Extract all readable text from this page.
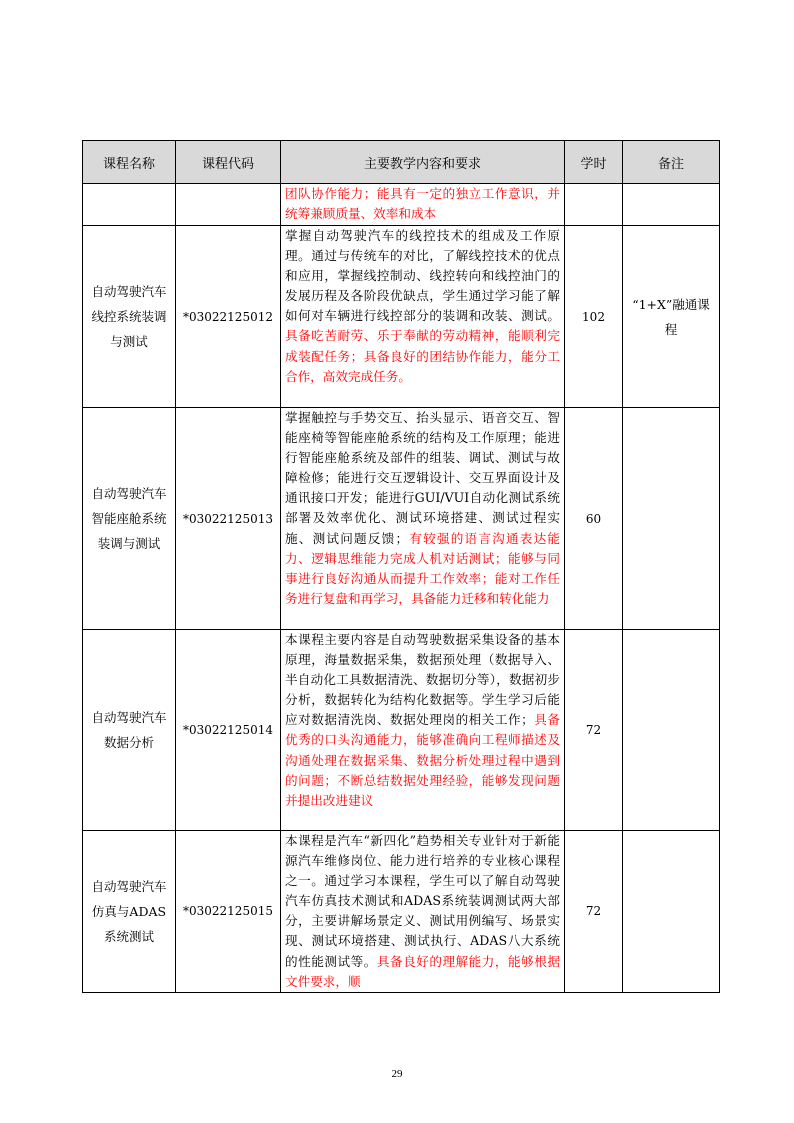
课程名称	课程代码	主要教学内容和要求	学时	备注
		团队协作能力；能具有一定的独立工作意识，并统筹兼顾质量、效率和成本		
自动驾驶汽车线控系统装调与测试	*03022125012	掌握自动驾驶汽车的线控技术的组成及工作原理。通过与传统车的对比，了解线控技术的优点和应用，掌握线控制动、线控转向和线控油门的发展历程及各阶段优缺点，学生通过学习能了解如何对车辆进行线控部分的装调和改装、测试。具备吃苦耐劳、乐于奉献的劳动精神，能顺利完成装配任务；具备良好的团结协作能力，能分工合作，高效完成任务。	102	“1+X”融通课程
自动驾驶汽车智能座舱系统装调与测试	*03022125013	掌握触控与手势交互、抬头显示、语音交互、智能座椅等智能座舱系统的结构及工作原理；能进行智能座舱系统及部件的组装、调试、测试与故障检修；能进行交互逻辑设计、交互界面设计及通讯接口开发；能进行GUI/VUI自动化测试系统部署及效率优化、测试环境搭建、测试过程实施、测试问题反馈；有较强的语言沟通表达能力、逻辑思维能力完成人机对话测试；能够与同事进行良好沟通从而提升工作效率；能对工作任务进行复盘和再学习，具备能力迁移和转化能力	60	
自动驾驶汽车数据分析	*03022125014	本课程主要内容是自动驾驶数据采集设备的基本原理，海量数据采集，数据预处理（数据导入、半自动化工具数据清洗、数据切分等），数据初步分析，数据转化为结构化数据等。学生学习后能应对数据清洗岗、数据处理岗的相关工作；具备优秀的口头沟通能力，能够准确向工程师描述及沟通处理在数据采集、数据分析处理过程中遇到的问题；不断总结数据处理经验，能够发现问题并提出改进建议	72	
自动驾驶汽车仿真与ADAS系统测试	*03022125015	本课程是汽车“新四化”趋势相关专业针对于新能源汽车维修岗位、能力进行培养的专业核心课程之一。通过学习本课程，学生可以了解自动驾驶汽车仿真技术测试和ADAS系统装调测试两大部分，主要讲解场景定义、测试用例编写、场景实现、测试环境搭建、测试执行、ADAS八大系统的性能测试等。具备良好的理解能力，能够根据文件要求，顺	72	
29
